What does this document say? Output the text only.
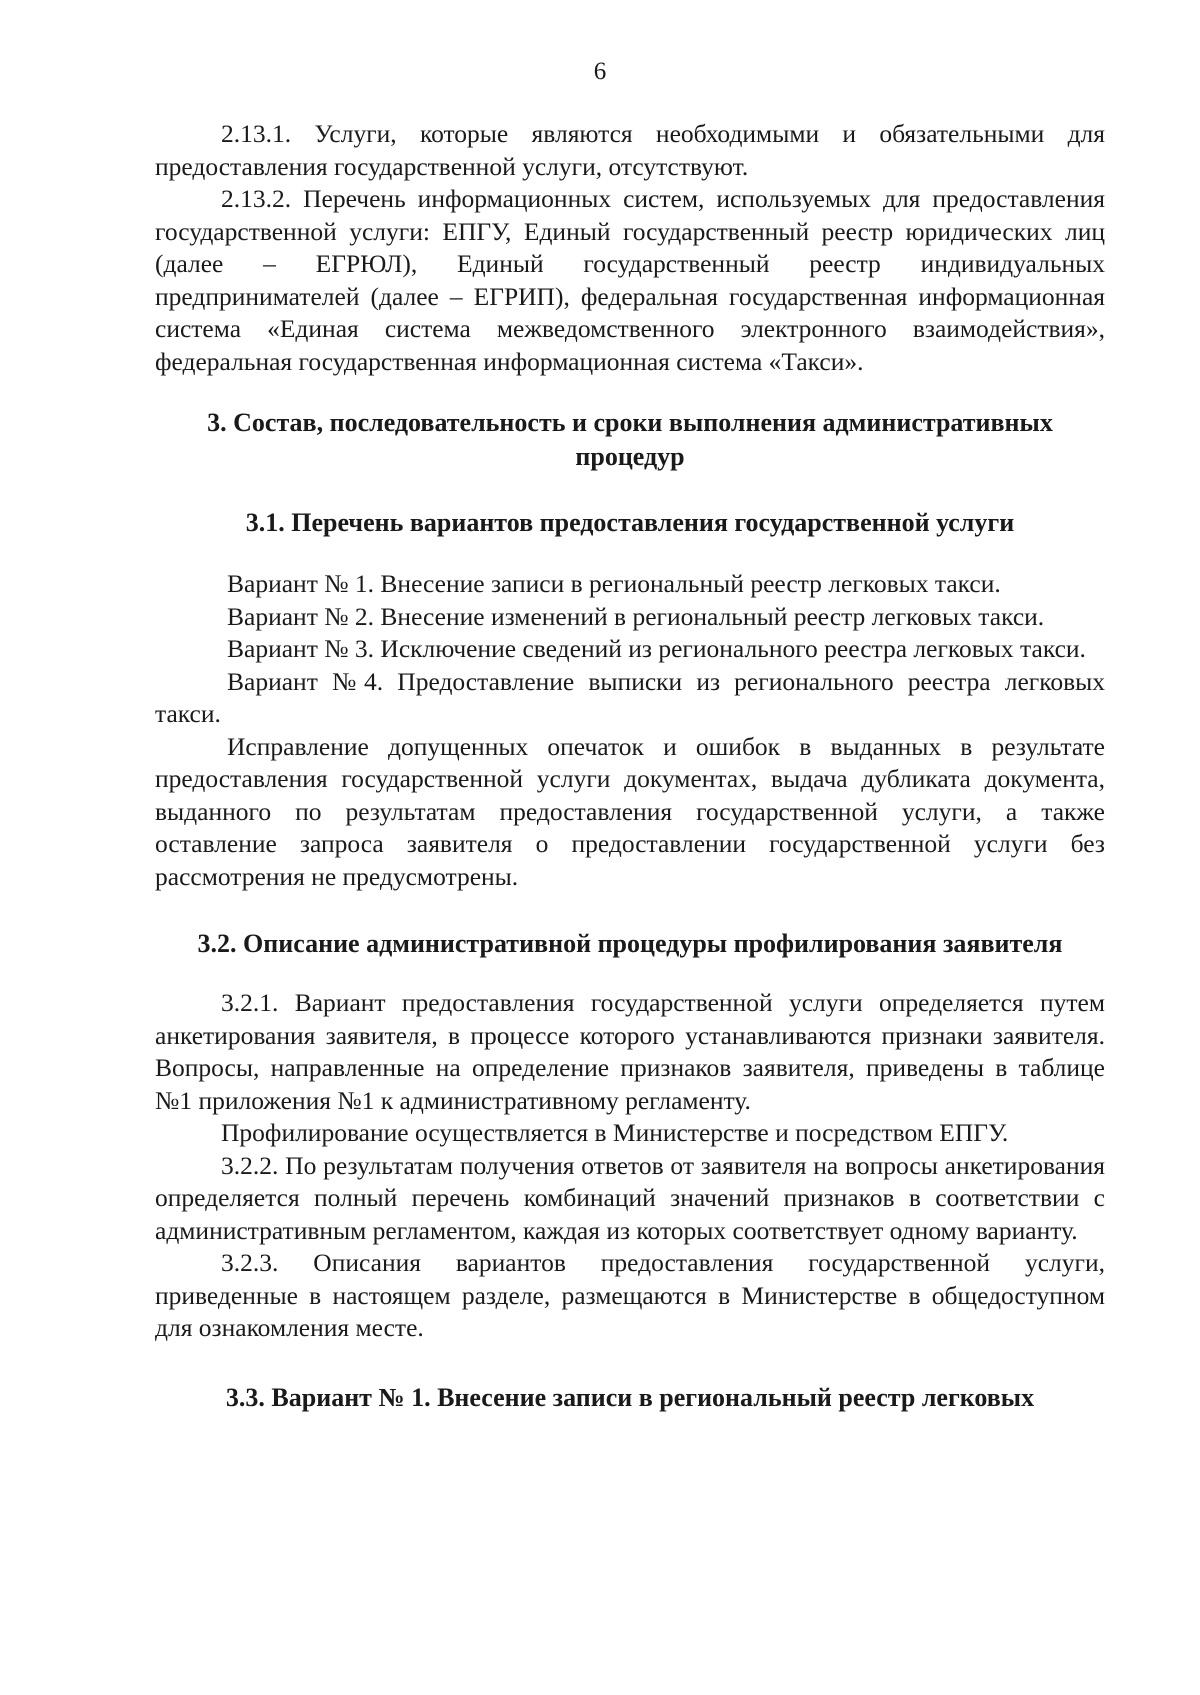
6

2.13.1. Услуги, которые являются необходимыми и обязательными для предоставления государственной услуги, отсутствуют.

2.13.2. Перечень информационных систем, используемых для предоставления государственной услуги: ЕПГУ, Единый государственный реестр юридических лиц (далее – ЕГРЮЛ), Единый государственный реестр индивидуальных предпринимателей (далее – ЕГРИП), федеральная государственная информационная система «Единая система межведомственного электронного взаимодействия», федеральная государственная информационная система «Такси».

3. Состав, последовательность и сроки выполнения административных процедур

3.1. Перечень вариантов предоставления государственной услуги

Вариант № 1. Внесение записи в региональный реестр легковых такси.

Вариант № 2. Внесение изменений в региональный реестр легковых такси.

Вариант № 3. Исключение сведений из регионального реестра легковых такси.

Вариант №4. Предоставление выписки из регионального реестра легковых такси.

Исправление допущенных опечаток и ошибок в выданных в результате предоставления государственной услуги документах, выдача дубликата документа, выданного по результатам предоставления государственной услуги, а также оставление запроса заявителя о предоставлении государственной услуги без рассмотрения не предусмотрены.

3.2. Описание административной процедуры профилирования заявителя

3.2.1. Вариант предоставления государственной услуги определяется путем анкетирования заявителя, в процессе которого устанавливаются признаки заявителя. Вопросы, направленные на определение признаков заявителя, приведены в таблице №1 приложения №1 к административному регламенту.

Профилирование осуществляется в Министерстве и посредством ЕПГУ.

3.2.2. По результатам получения ответов от заявителя на вопросы анкетирования определяется полный перечень комбинаций значений признаков в соответствии с административным регламентом, каждая из которых соответствует одному варианту.

3.2.3. Описания вариантов предоставления государственной услуги, приведенные в настоящем разделе, размещаются в Министерстве в общедоступном для ознакомления месте.

3.3. Вариант № 1. Внесение записи в региональный реестр легковых
